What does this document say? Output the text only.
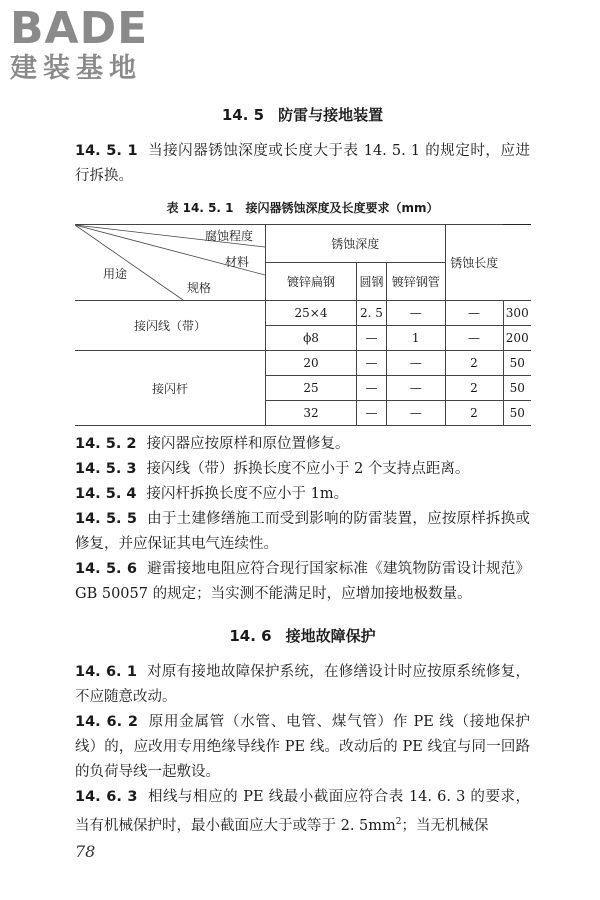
BADE
建装基地
14. 5 防雷与接地装置

14. 5. 1 当接闪器锈蚀深度或长度大于表 14. 5. 1 的规定时，应进行拆换。

表 14. 5. 1 接闪器锈蚀深度及长度要求（mm）
腐蚀程度
材料
用途
规格	锈蚀深度			锈蚀长度	
	镀锌扁钢	圆钢	镀锌钢管		
接闪线（带）	25×4	2. 5	—	—	300
	ϕ8	—	1	—	200
接闪杆	20	—	—	2	50
	25	—	—	2	50
	32	—	—	2	50

14. 5. 2 接闪器应按原样和原位置修复。

14. 5. 3 接闪线（带）拆换长度不应小于 2 个支持点距离。

14. 5. 4 接闪杆拆换长度不应小于 1m。

14. 5. 5 由于土建修缮施工而受到影响的防雷装置，应按原样拆换或修复，并应保证其电气连续性。

14. 5. 6 避雷接地电阻应符合现行国家标准《建筑物防雷设计规范》GB 50057 的规定；当实测不能满足时，应增加接地极数量。

14. 6 接地故障保护

14. 6. 1 对原有接地故障保护系统，在修缮设计时应按原系统修复，不应随意改动。

14. 6. 2 原用金属管（水管、电管、煤气管）作 PE 线（接地保护线）的，应改用专用绝缘导线作 PE 线。改动后的 PE 线宜与同一回路的负荷导线一起敷设。

14. 6. 3 相线与相应的 PE 线最小截面应符合表 14. 6. 3 的要求，当有机械保护时，最小截面应大于或等于 2. $5mm^2$；当无机械保

78
